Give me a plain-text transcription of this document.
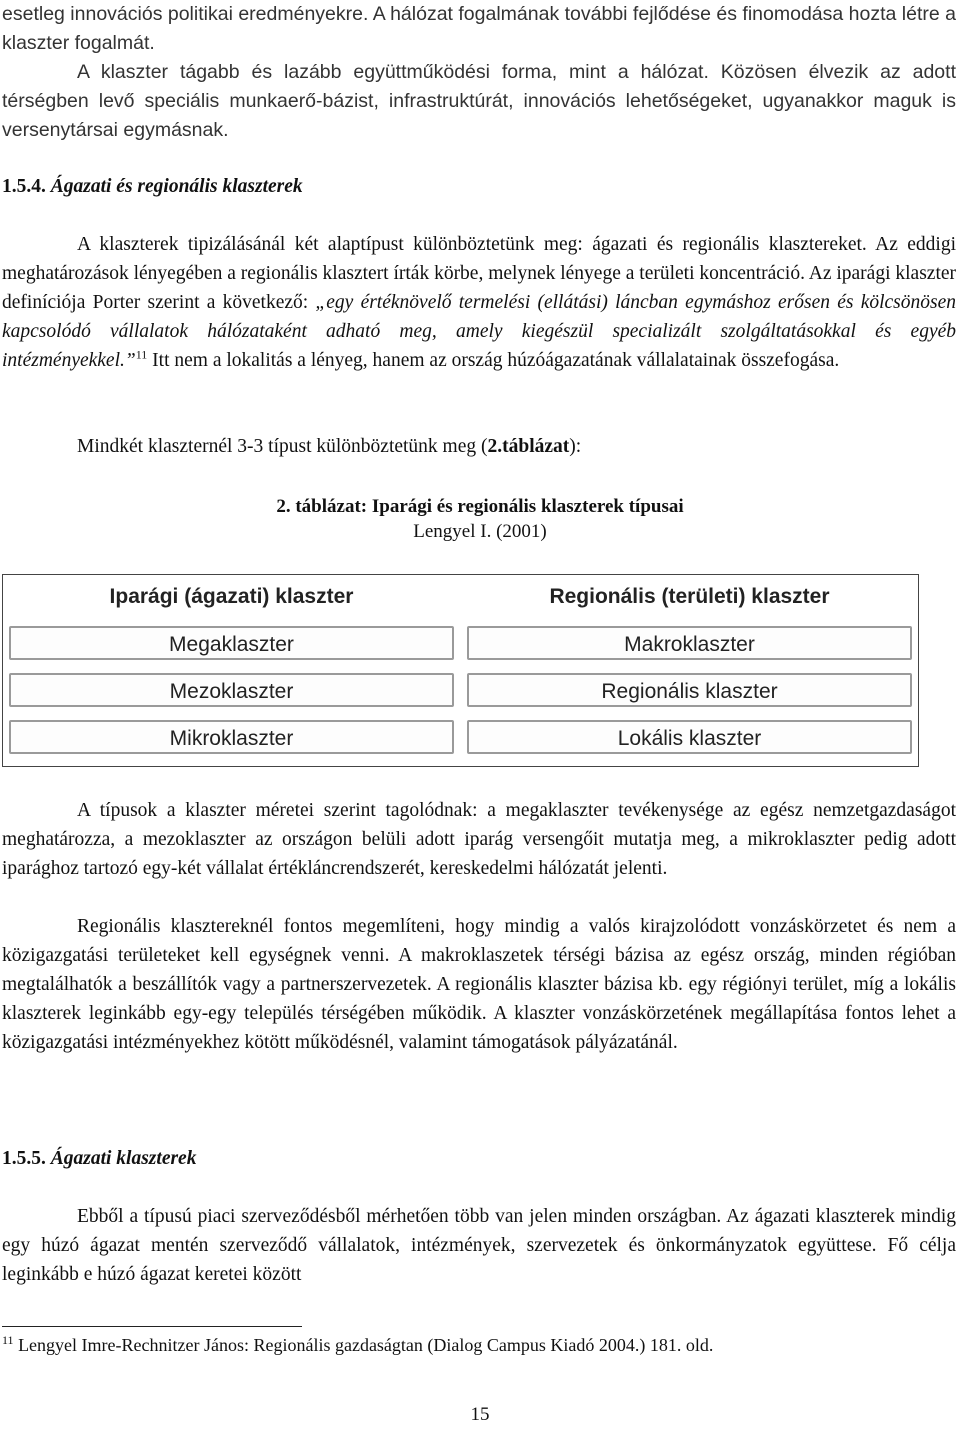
esetleg innovációs politikai eredményekre. A hálózat fogalmának további fejlődése és finomodása hozta létre a klaszter fogalmát.

A klaszter tágabb és lazább együttműködési forma, mint a hálózat. Közösen élvezik az adott térségben levő speciális munkaerő-bázist, infrastruktúrát, innovációs lehetőségeket, ugyanakkor maguk is versenytársai egymásnak.

1.5.4. Ágazati és regionális klaszterek

A klaszterek tipizálásánál két alaptípust különböztetünk meg: ágazati és regionális klasztereket. Az eddigi meghatározások lényegében a regionális klasztert írták körbe, melynek lényege a területi koncentráció. Az iparági klaszter definíciója Porter szerint a következő: „egy értéknövelő termelési (ellátási) láncban egymáshoz erősen és kölcsönösen kapcsolódó vállalatok hálózataként adható meg, amely kiegészül specializált szolgáltatásokkal és egyéb intézményekkel.”$^{11}$ Itt nem a lokalitás a lényeg, hanem az ország húzóágazatának vállalatainak összefogása.

Mindkét klaszternél 3-3 típust különböztetünk meg (2.táblázat):

2. táblázat: Iparági és regionális klaszterek típusai
Lengyel I. (2001)
Iparági (ágazati) klaszter	Regionális (területi) klaszter
Megaklaszter	Makroklaszter
Mezoklaszter	Regionális klaszter
Mikroklaszter	Lokális klaszter

A típusok a klaszter méretei szerint tagolódnak: a megaklaszter tevékenysége az egész nemzetgazdaságot meghatározza, a mezoklaszter az országon belüli adott iparág versengőit mutatja meg, a mikroklaszter pedig adott iparághoz tartozó egy-két vállalat értékláncrendszerét, kereskedelmi hálózatát jelenti.

Regionális klasztereknél fontos megemlíteni, hogy mindig a valós kirajzolódott vonzáskörzetet és nem a közigazgatási területeket kell egységnek venni. A makroklaszetek térségi bázisa az egész ország, minden régióban megtalálhatók a beszállítók vagy a partnerszervezetek. A regionális klaszter bázisa kb. egy régiónyi terület, míg a lokális klaszterek leginkább egy-egy település térségében működik. A klaszter vonzáskörzetének megállapítása fontos lehet a közigazgatási intézményekhez kötött működésnél, valamint támogatások pályázatánál.

1.5.5. Ágazati klaszterek

Ebből a típusú piaci szerveződésből mérhetően több van jelen minden országban. Az ágazati klaszterek mindig egy húzó ágazat mentén szerveződő vállalatok, intézmények, szervezetek és önkormányzatok együttese. Fő célja leginkább e húzó ágazat keretei között

$^{11}$ Lengyel Imre-Rechnitzer János: Regionális gazdaságtan (Dialog Campus Kiadó 2004.) 181. old.
15
